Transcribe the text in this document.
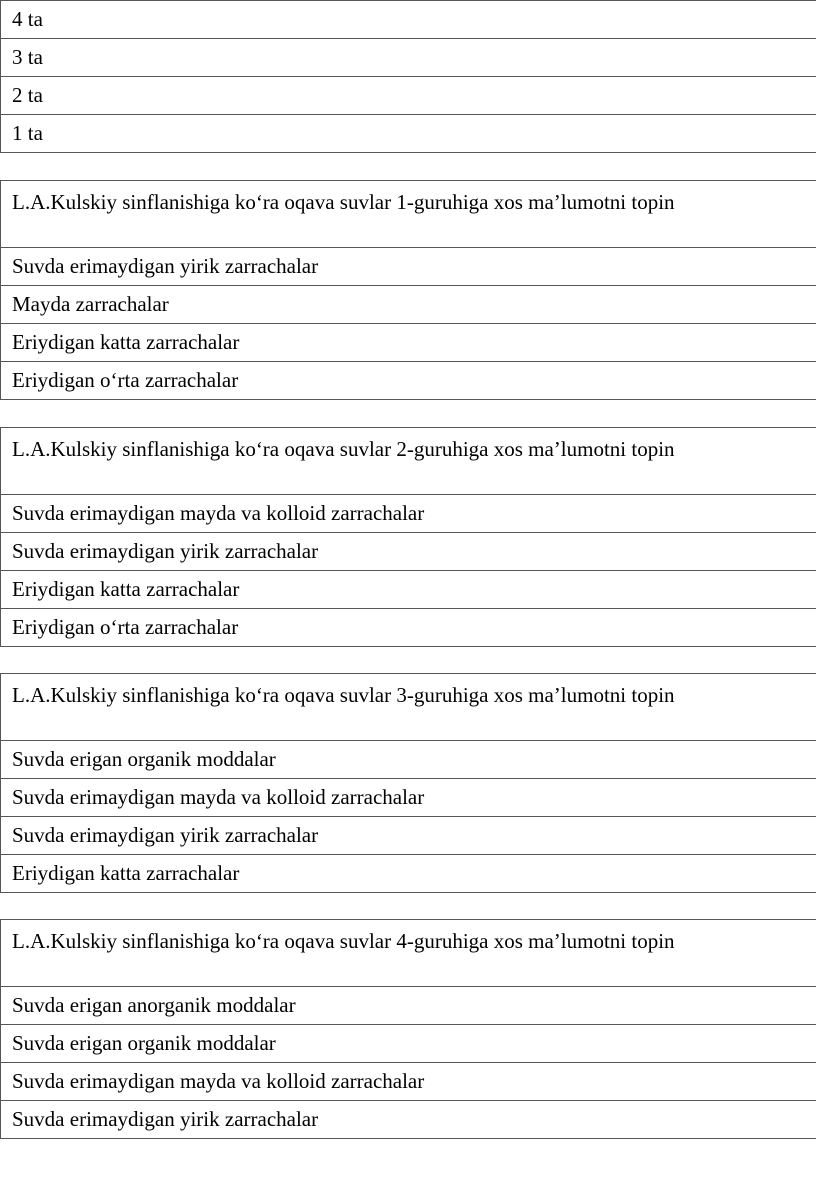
4 ta
3 ta
2 ta
1 ta
L.A.Kulskiy sinflanishiga ko‘ra oqava suvlar 1-guruhiga xos ma’lumotni topin
Suvda erimaydigan yirik zarrachalar
Mayda zarrachalar
Eriydigan katta zarrachalar
Eriydigan o‘rta zarrachalar
L.A.Kulskiy sinflanishiga ko‘ra oqava suvlar 2-guruhiga xos ma’lumotni topin
Suvda erimaydigan mayda va kolloid zarrachalar
Suvda erimaydigan yirik zarrachalar
Eriydigan katta zarrachalar
Eriydigan o‘rta zarrachalar
L.A.Kulskiy sinflanishiga ko‘ra oqava suvlar 3-guruhiga xos ma’lumotni topin
Suvda erigan organik moddalar
Suvda erimaydigan mayda va kolloid zarrachalar
Suvda erimaydigan yirik zarrachalar
Eriydigan katta zarrachalar
L.A.Kulskiy sinflanishiga ko‘ra oqava suvlar 4-guruhiga xos ma’lumotni topin
Suvda erigan anorganik moddalar
Suvda erigan organik moddalar
Suvda erimaydigan mayda va kolloid zarrachalar
Suvda erimaydigan yirik zarrachalar
